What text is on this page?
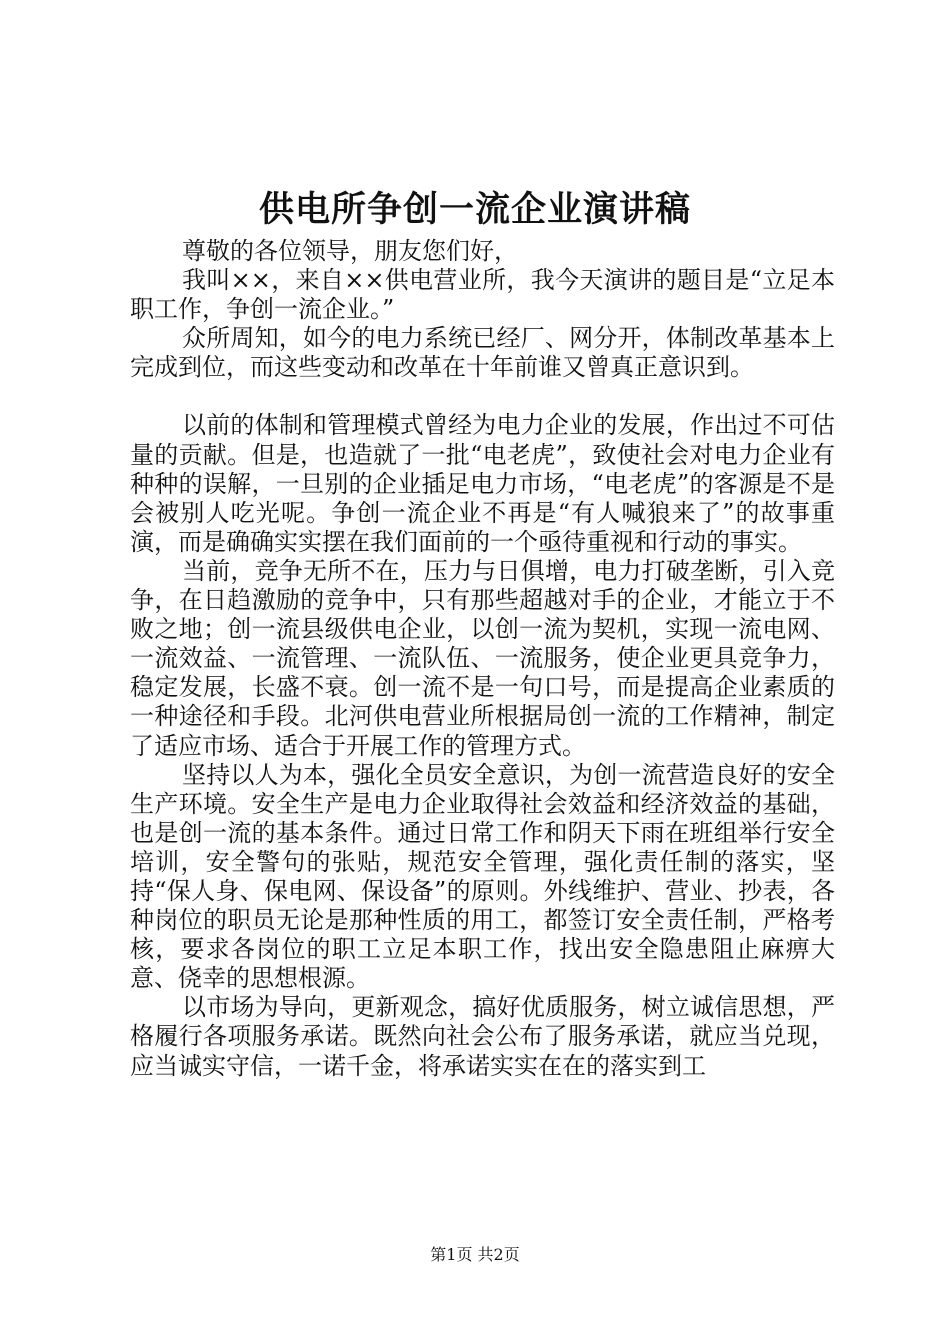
供电所争创一流企业演讲稿

尊敬的各位领导，朋友您们好，

我叫××，来自××供电营业所，我今天演讲的题目是“立足本职工作，争创一流企业。”

众所周知，如今的电力系统已经厂、网分开，体制改革基本上完成到位，而这些变动和改革在十年前谁又曾真正意识到。

以前的体制和管理模式曾经为电力企业的发展，作出过不可估量的贡献。但是，也造就了一批“电老虎”，致使社会对电力企业有种种的误解，一旦别的企业插足电力市场，“电老虎”的客源是不是会被别人吃光呢。争创一流企业不再是“有人喊狼来了”的故事重演，而是确确实实摆在我们面前的一个亟待重视和行动的事实。

当前，竞争无所不在，压力与日俱增，电力打破垄断，引入竞争，在日趋激励的竞争中，只有那些超越对手的企业，才能立于不败之地；创一流县级供电企业，以创一流为契机，实现一流电网、一流效益、一流管理、一流队伍、一流服务，使企业更具竞争力，稳定发展，长盛不衰。创一流不是一句口号，而是提高企业素质的一种途径和手段。北河供电营业所根据局创一流的工作精神，制定了适应市场、适合于开展工作的管理方式。

坚持以人为本，强化全员安全意识，为创一流营造良好的安全生产环境。安全生产是电力企业取得社会效益和经济效益的基础，也是创一流的基本条件。通过日常工作和阴天下雨在班组举行安全培训，安全警句的张贴，规范安全管理，强化责任制的落实，坚持“保人身、保电网、保设备”的原则。外线维护、营业、抄表，各种岗位的职员无论是那种性质的用工，都签订安全责任制，严格考核，要求各岗位的职工立足本职工作，找出安全隐患阻止麻痹大意、侥幸的思想根源。

以市场为导向，更新观念，搞好优质服务，树立诚信思想，严格履行各项服务承诺。既然向社会公布了服务承诺，就应当兑现，应当诚实守信，一诺千金，将承诺实实在在的落实到工

第1页 共2页
